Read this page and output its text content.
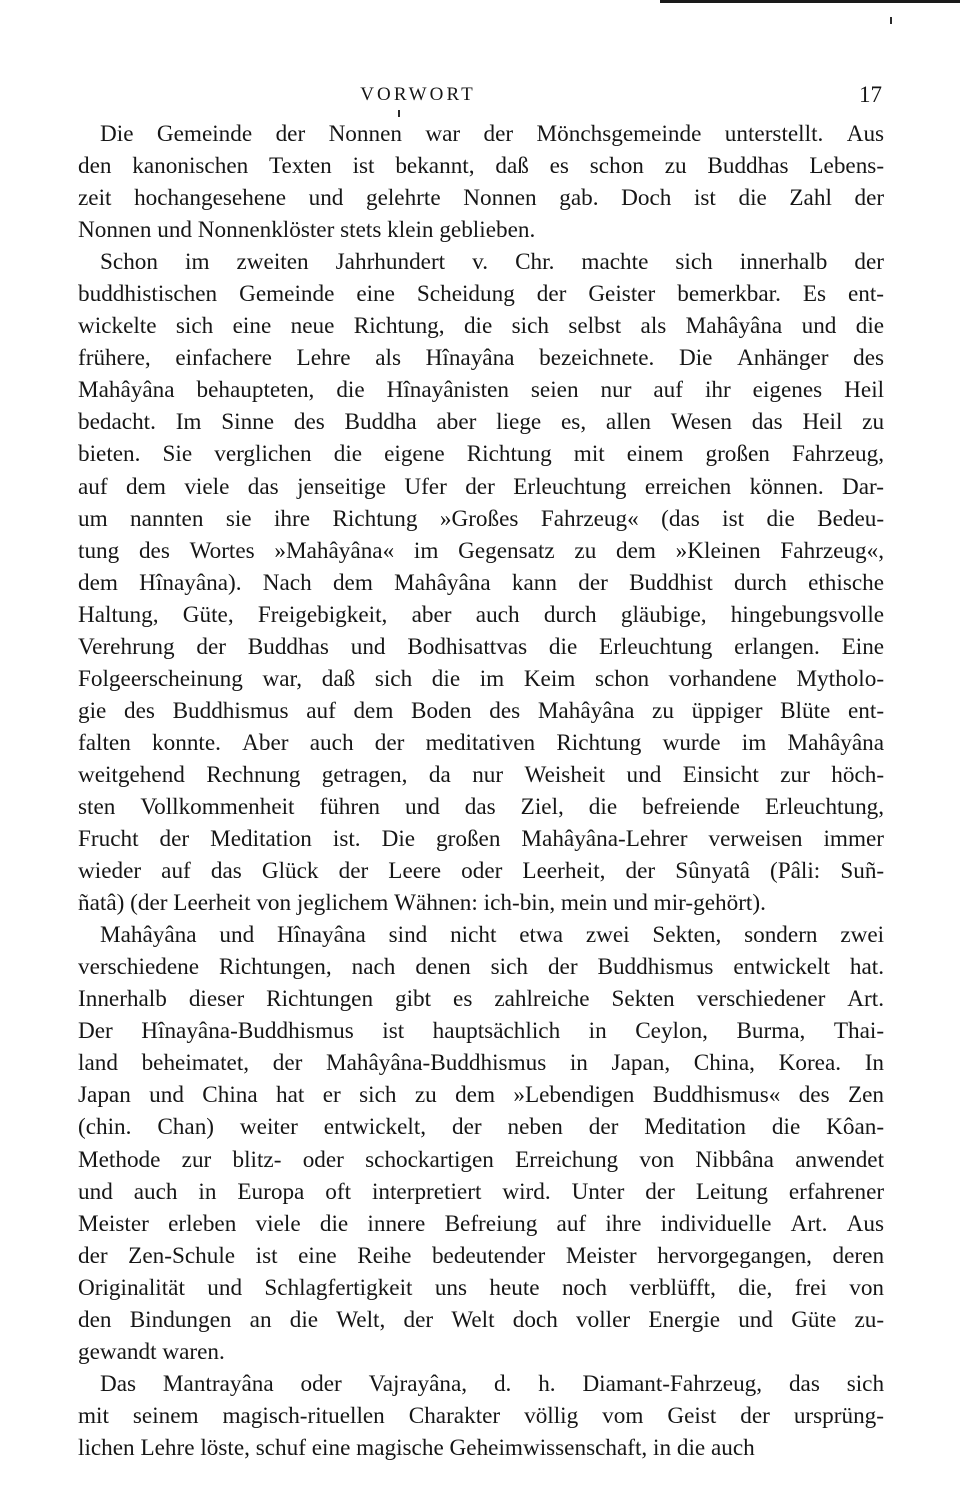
VORWORT	17
Die Gemeinde der Nonnen war der Mönchsgemeinde unterstellt. Aus
den kanonischen Texten ist bekannt, daß es schon zu Buddhas Lebens-
zeit hochangesehene und gelehrte Nonnen gab. Doch ist die Zahl der
Nonnen und Nonnenklöster stets klein geblieben.
Schon im zweiten Jahrhundert v. Chr. machte sich innerhalb der
buddhistischen Gemeinde eine Scheidung der Geister bemerkbar. Es ent-
wickelte sich eine neue Richtung, die sich selbst als Mahâyâna und die
frühere, einfachere Lehre als Hînayâna bezeichnete. Die Anhänger des
Mahâyâna behaupteten, die Hînayânisten seien nur auf ihr eigenes Heil
bedacht. Im Sinne des Buddha aber liege es, allen Wesen das Heil zu
bieten. Sie verglichen die eigene Richtung mit einem großen Fahrzeug,
auf dem viele das jenseitige Ufer der Erleuchtung erreichen können. Dar-
um nannten sie ihre Richtung »Großes Fahrzeug« (das ist die Bedeu-
tung des Wortes »Mahâyâna« im Gegensatz zu dem »Kleinen Fahrzeug«,
dem Hînayâna). Nach dem Mahâyâna kann der Buddhist durch ethische
Haltung, Güte, Freigebigkeit, aber auch durch gläubige, hingebungsvolle
Verehrung der Buddhas und Bodhisattvas die Erleuchtung erlangen. Eine
Folgeerscheinung war, daß sich die im Keim schon vorhandene Mytholo-
gie des Buddhismus auf dem Boden des Mahâyâna zu üppiger Blüte ent-
falten konnte. Aber auch der meditativen Richtung wurde im Mahâyâna
weitgehend Rechnung getragen, da nur Weisheit und Einsicht zur höch-
sten Vollkommenheit führen und das Ziel, die befreiende Erleuchtung,
Frucht der Meditation ist. Die großen Mahâyâna-Lehrer verweisen immer
wieder auf das Glück der Leere oder Leerheit, der Sûnyatâ (Pâli: Suñ-
ñatâ) (der Leerheit von jeglichem Wähnen: ich-bin, mein und mir-gehört).
Mahâyâna und Hînayâna sind nicht etwa zwei Sekten, sondern zwei
verschiedene Richtungen, nach denen sich der Buddhismus entwickelt hat.
Innerhalb dieser Richtungen gibt es zahlreiche Sekten verschiedener Art.
Der Hînayâna-Buddhismus ist hauptsächlich in Ceylon, Burma, Thai-
land beheimatet, der Mahâyâna-Buddhismus in Japan, China, Korea. In
Japan und China hat er sich zu dem »Lebendigen Buddhismus« des Zen
(chin. Chan) weiter entwickelt, der neben der Meditation die Kôan-
Methode zur blitz- oder schockartigen Erreichung von Nibbâna anwendet
und auch in Europa oft interpretiert wird. Unter der Leitung erfahrener
Meister erleben viele die innere Befreiung auf ihre individuelle Art. Aus
der Zen-Schule ist eine Reihe bedeutender Meister hervorgegangen, deren
Originalität und Schlagfertigkeit uns heute noch verblüfft, die, frei von
den Bindungen an die Welt, der Welt doch voller Energie und Güte zu-
gewandt waren.
Das Mantrayâna oder Vajrayâna, d. h. Diamant-Fahrzeug, das sich
mit seinem magisch-rituellen Charakter völlig vom Geist der ursprüng-
lichen Lehre löste, schuf eine magische Geheimwissenschaft, in die auch
